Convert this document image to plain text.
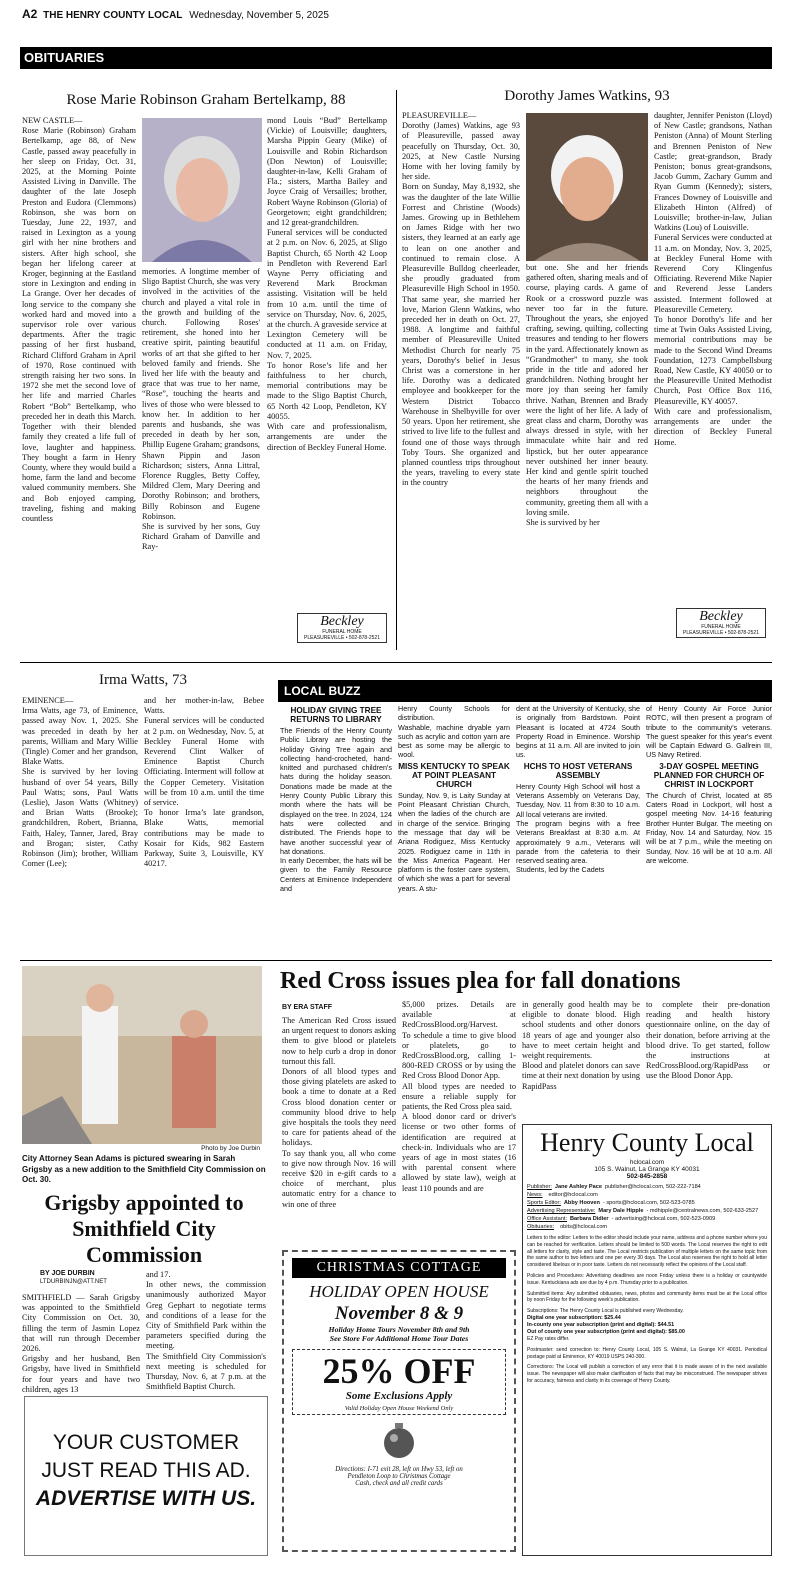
A2 THE HENRY COUNTY LOCAL Wednesday, November 5, 2025
OBITUARIES
Rose Marie Robinson Graham Bertelkamp, 88
NEW CASTLE—
Rose Marie (Robinson) Graham Bertelkamp, age 88, of New Castle, passed away peacefully in her sleep on Friday, Oct. 31, 2025, at the Morning Pointe Assisted Living in Danville. The daughter of the late Joseph Preston and Eudora (Clemmons) Robinson, she was born on Tuesday, June 22, 1937, and raised in Lexington as a young girl with her nine brothers and sisters. After high school, she began her lifelong career at Kroger, beginning at the Eastland store in Lexington and ending in La Grange. Over her decades of long service to the company she worked hard and moved into a supervisor role over various departments. After the tragic passing of her first husband, Richard Clifford Graham in April of 1970, Rose continued with strength raising her two sons. In 1972 she met the second love of her life and married Charles Robert “Bob” Bertelkamp, who preceded her in death this March. Together with their blended family they created a life full of love, laughter and happiness. They bought a farm in Henry County, where they would build a home, farm the land and become valued community members. She and Bob enjoyed camping, traveling, fishing and making countless
memories. A longtime member of Sligo Baptist Church, she was very involved in the activities of the church and played a vital role in the growth and building of the church. Following Roses' retirement, she honed into her creative spirit, painting beautiful works of art that she gifted to her beloved family and friends. She lived her life with the beauty and grace that was true to her name, “Rose”, touching the hearts and lives of those who were blessed to know her. In addition to her parents and husbands, she was preceded in death by her son, Phillip Eugene Graham; grandsons, Shawn Pippin and Jason Richardson; sisters, Anna Littral, Florence Ruggles, Betty Coffey, Mildred Clem, Mary Deering and Dorothy Robinson; and brothers, Billy Robinson and Eugene Robinson.
She is survived by her sons, Guy Richard Graham of Danville and Ray-
mond Louis “Bud” Bertelkamp (Vickie) of Louisville; daughters, Marsha Pippin Geary (Mike) of Louisville and Robin Richardson (Don Newton) of Louisville; daughter-in-law, Kelli Graham of Fla.; sisters, Martha Bailey and Joyce Craig of Versailles; brother, Robert Wayne Robinson (Gloria) of Georgetown; eight grandchildren; and 12 great-grandchildren.
Funeral services will be conducted at 2 p.m. on Nov. 6, 2025, at Sligo Baptist Church, 65 North 42 Loop in Pendleton with Reverend Earl Wayne Perry officiating and Reverend Mark Brockman assisting. Visitation will be held from 10 a.m. until the time of service on Thursday, Nov. 6, 2025, at the church. A graveside service at Lexington Cemetery will be conducted at 11 a.m. on Friday, Nov. 7, 2025.
To honor Rose’s life and her faithfulness to her church, memorial contributions may be made to the Sligo Baptist Church, 65 North 42 Loop, Pendleton, KY 40055.
With care and professionalism, arrangements are under the direction of Beckley Funeral Home.
Beckley
FUNERAL HOME
PLEASUREVILLE • 502-878-2521
Dorothy James Watkins, 93
PLEASUREVILLE—
Dorothy (James) Watkins, age 93 of Pleasureville, passed away peacefully on Thursday, Oct. 30, 2025, at New Castle Nursing Home with her loving family by her side.
Born on Sunday, May 8,1932, she was the daughter of the late Willie Forrest and Christine (Woods) James. Growing up in Bethlehem on James Ridge with her two sisters, they learned at an early age to lean on one another and continued to remain close. A Pleasureville Bulldog cheerleader, she proudly graduated from Pleasureville High School in 1950. That same year, she married her love, Marion Glenn Watkins, who preceded her in death on Oct. 27, 1988. A longtime and faithful member of Pleasureville United Methodist Church for nearly 75 years, Dorothy's belief in Jesus Christ was a cornerstone in her life. Dorothy was a dedicated employee and bookkeeper for the Western District Tobacco Warehouse in Shelbyville for over 50 years. Upon her retirement, she strived to live life to the fullest and found one of those ways through Toby Tours. She organized and planned countless trips throughout the years, traveling to every state in the country
but one. She and her friends gathered often, sharing meals and of course, playing cards. A game of Rook or a crossword puzzle was never too far in the future. Throughout the years, she enjoyed crafting, sewing, quilting, collecting treasures and tending to her flowers in the yard. Affectionately known as “Grandmother” to many, she took pride in the title and adored her grandchildren. Nothing brought her more joy than seeing her family thrive. Nathan, Brennen and Brady were the light of her life. A lady of great class and charm, Dorothy was always dressed in style, with her immaculate white hair and red lipstick, but her outer appearance never outshined her inner beauty. Her kind and gentle spirit touched the hearts of her many friends and neighbors throughout the community, greeting them all with a loving smile.
She is survived by her
daughter, Jennifer Peniston (Lloyd) of New Castle; grandsons, Nathan Peniston (Anna) of Mount Sterling and Brennen Peniston of New Castle; great-grandson, Brady Peniston; bonus great-grandsons, Jacob Gumm, Zachary Gumm and Ryan Gumm (Kennedy); sisters, Frances Downey of Louisville and Elizabeth Hinton (Alfred) of Louisville; brother-in-law, Julian Watkins (Lou) of Louisville.
Funeral Services were conducted at 11 a.m. on Monday, Nov. 3, 2025, at Beckley Funeral Home with Reverend Cory Klingenfus Officiating. Reverend Mike Napier and Reverend Jesse Landers assisted. Interment followed at Pleasureville Cemetery.
To honor Dorothy's life and her time at Twin Oaks Assisted Living, memorial contributions may be made to the Second Wind Dreams Foundation, 1273 Campbellsburg Road, New Castle, KY 40050 or to the Pleasureville United Methodist Church, Post Office Box 116, Pleasureville, KY 40057.
With care and professionalism, arrangements are under the direction of Beckley Funeral Home.
Beckley
FUNERAL HOME
PLEASUREVILLE • 502-878-2521
Irma Watts, 73
EMINENCE—
Irma Watts, age 73, of Eminence, passed away Nov. 1, 2025. She was preceded in death by her parents, William and Mary Willie (Tingle) Comer and her grandson, Blake Watts.
She is survived by her loving husband of over 54 years, Billy Paul Watts; sons, Paul Watts (Leslie), Jason Watts (Whitney) and Brian Watts (Brooke); grandchildren, Robert, Brianna, Faith, Haley, Tanner, Jared, Bray and Brogan; sister, Cathy Robinson (Jim); brother, William Comer (Lee);
and her mother-in-law, Bebee Watts.
Funeral services will be conducted at 2 p.m. on Wednesday, Nov. 5, at Beckley Funeral Home with Reverend Clint Walker of Eminence Baptist Church Officiating. Interment will follow at the Copper Cemetery. Visitation will be from 10 a.m. until the time of service.
To honor Irma’s late grandson, Blake Watts, memorial contributions may be made to Kosair for Kids, 982 Eastern Parkway, Suite 3, Louisville, KY 40217.
LOCAL BUZZ
HOLIDAY GIVING TREE RETURNS TO LIBRARY

The Friends of the Henry County Public Library are hosting the Holiday Giving Tree again and collecting hand-crocheted, hand-knitted and purchased children's hats during the holiday season. Donations made be made at the Henry County Public Library this month where the hats will be displayed on the tree. In 2024, 124 hats were collected and distributed. The Friends hope to have another successful year of hat donations.
In early December, the hats will be given to the Family Resource Centers at Eminence Independent and

Henry County Schools for distribution.
Washable, machine dryable yarn such as acrylic and cotton yarn are best as some may be allergic to wool.

MISS KENTUCKY TO SPEAK AT POINT PLEASANT CHURCH

Sunday, Nov. 9, is Laity Sunday at Point Pleasant Christian Church, when the ladies of the church are in charge of the service. Bringing the message that day will be Ariana Rodiguez, Miss Kentucky 2025. Rodiguez came in 11th in the Miss America Pageant. Her platform is the foster care system, of which she was a part for several years. A stu-

dent at the University of Kentucky, she is originally from Bardstown. Point Pleasant is located at 4724 South Property Road in Eminence. Worship begins at 11 a.m. All are invited to join us.

HCHS TO HOST VETERANS ASSEMBLY

Henry County High School will host a Veterans Assembly on Veterans Day, Tuesday, Nov. 11 from 8:30 to 10 a.m. All local veterans are invited.
The program begins with a free Veterans Breakfast at 8:30 a.m. At approximately 9 a.m., Veterans will parade from the cafeteria to their reserved seating area.
Students, led by the Cadets

of Henry County Air Force Junior ROTC, will then present a program of tribute to the community's veterans. The guest speaker for this year's event will be Captain Edward G. Gallrein III, US Navy Retired.

3-DAY GOSPEL MEETING PLANNED FOR CHURCH OF CHRIST IN LOCKPORT

The Church of Christ, located at 85 Caters Road in Lockport, will host a gospel meeting Nov. 14-16 featuring Brother Hunter Bulgar. The meeting on Friday, Nov. 14 and Saturday, Nov. 15 will be at 7 p.m., while the meeting on Sunday, Nov. 16 will be at 10 a.m. All are welcome.

Photo by Joe Durbin
City Attorney Sean Adams is pictured swearing in Sarah Grigsby as a new addition to the Smithfield City Commission on Oct. 30.
Grigsby appointed to Smithfield City Commission
BY JOE DURBIN
LTDURBINJN@ATT.NET
SMITHFIELD — Sarah Grigsby was appointed to the Smithfield City Commission on Oct. 30, filling the term of Jasmin Lopez that will run through December 2026.
Grigsby and her husband, Ben Grigsby, have lived in Smithfield for four years and have two children, ages 13
and 17.
In other news, the commission unanimously authorized Mayor Greg Gephart to negotiate terms and conditions of a lease for the City of Smithfield Park within the parameters specified during the meeting.
The Smithfield City Commission's next meeting is scheduled for Thursday, Nov. 6, at 7 p.m. at the Smithfield Baptist Church.
YOUR CUSTOMER
JUST READ THIS AD.
ADVERTISE WITH US.
Red Cross issues plea for fall donations
BY ERA STAFF
The American Red Cross issued an urgent request to donors asking them to give blood or platelets now to help curb a drop in donor turnout this fall.
Donors of all blood types and those giving platelets are asked to book a time to donate at a Red Cross blood donation center or community blood drive to help give hospitals the tools they need to care for patients ahead of the holidays.
To say thank you, all who come to give now through Nov. 16 will receive $20 in e-gift cards to a choice of merchant, plus automatic entry for a chance to win one of three
$5,000 prizes. Details are available at RedCrossBlood.org/Harvest.
To schedule a time to give blood or platelets, go to RedCrossBlood.org, calling 1-800-RED CROSS or by using the Red Cross Blood Donor App.
All blood types are needed to ensure a reliable supply for patients, the Red Cross plea said.
A blood donor card or driver's license or two other forms of identification are required at check-in. Individuals who are 17 years of age in most states (16 with parental consent where allowed by state law), weigh at least 110 pounds and are
in generally good health may be eligible to donate blood. High school students and other donors 18 years of age and younger also have to meet certain height and weight requirements.
Blood and platelet donors can save time at their next donation by using RapidPass
to complete their pre-donation reading and health history questionnaire online, on the day of their donation, before arriving at the blood drive. To get started, follow the instructions at RedCrossBlood.org/RapidPass or use the Blood Donor App.
CHRISTMAS COTTAGE
HOLIDAY OPEN HOUSE
November 8 & 9
Holiday Home Tours November 8th and 9th
See Store For Additional Home Tour Dates
25% OFF
Some Exclusions Apply
Valid Holiday Open House Weekend Only
Directions: I-71 exit 28, left on Hwy 53, left on
Pendleton Loop to Christmas Cottage
Cash, check and all credit cards
Henry County Local
hclocal.com
105 S. Walnut, La Grange KY 40031
502-845-2858
Publisher: Jane Ashley Pace publisher@hclocal.com, 502-222-7184
News: editor@hclocal.com
Sports Editor: Abby Hooven - sports@hclocal.com, 502-523-0785
Advertising Representative: Mary Dale Hipple - mdhipple@centralnews.com, 502-633-2527
Office Assistant: Barbara Didier - advertising@hclocal.com, 502-523-0909
Obituaries: obits@hclocal.com
Letters to the editor: Letters to the editor should include your name, address and a phone number where you can be reached for verification. Letters should be limited to 500 words. The Local reserves the right to edit all letters for clarity, style and taste. The Local restricts publication of multiple letters on the same topic from the same author to two letters and one per every 30 days. The Local also reserves the right to hold all letter considered libelous or in poor taste. Letters do not necessarily reflect the opinions of the Local staff.
Policies and Procedures: Advertising deadlines are noon Friday unless there is a holiday or countywide issue. Kentuckiana ads are due by 4 p.m. Thursday prior to a publication.
Submitted items: Any submitted obituaries, news, photos and community items must be at the Local office by noon Friday for the following week's publication.
Subscriptions: The Henry County Local is published every Wednesday.
Digital one year subscription: $25.44
In-county one year subscription (print and digital): $44.51
Out of county one year subscription (print and digital): $85.00
EZ Pay rates differ.
Postmaster: send correction to: Henry County Local, 105 S. Walnut, La Grange KY 40031. Periodical postage paid at Eminence, KY 40019 USPS 240-300.
Corrections: The Local will publish a correction of any error that it is made aware of in the next available issue. The newspaper will also make clarification of facts that may be misconstrued. The newspaper strives for accuracy, fairness and clarity in its coverage of Henry County.
